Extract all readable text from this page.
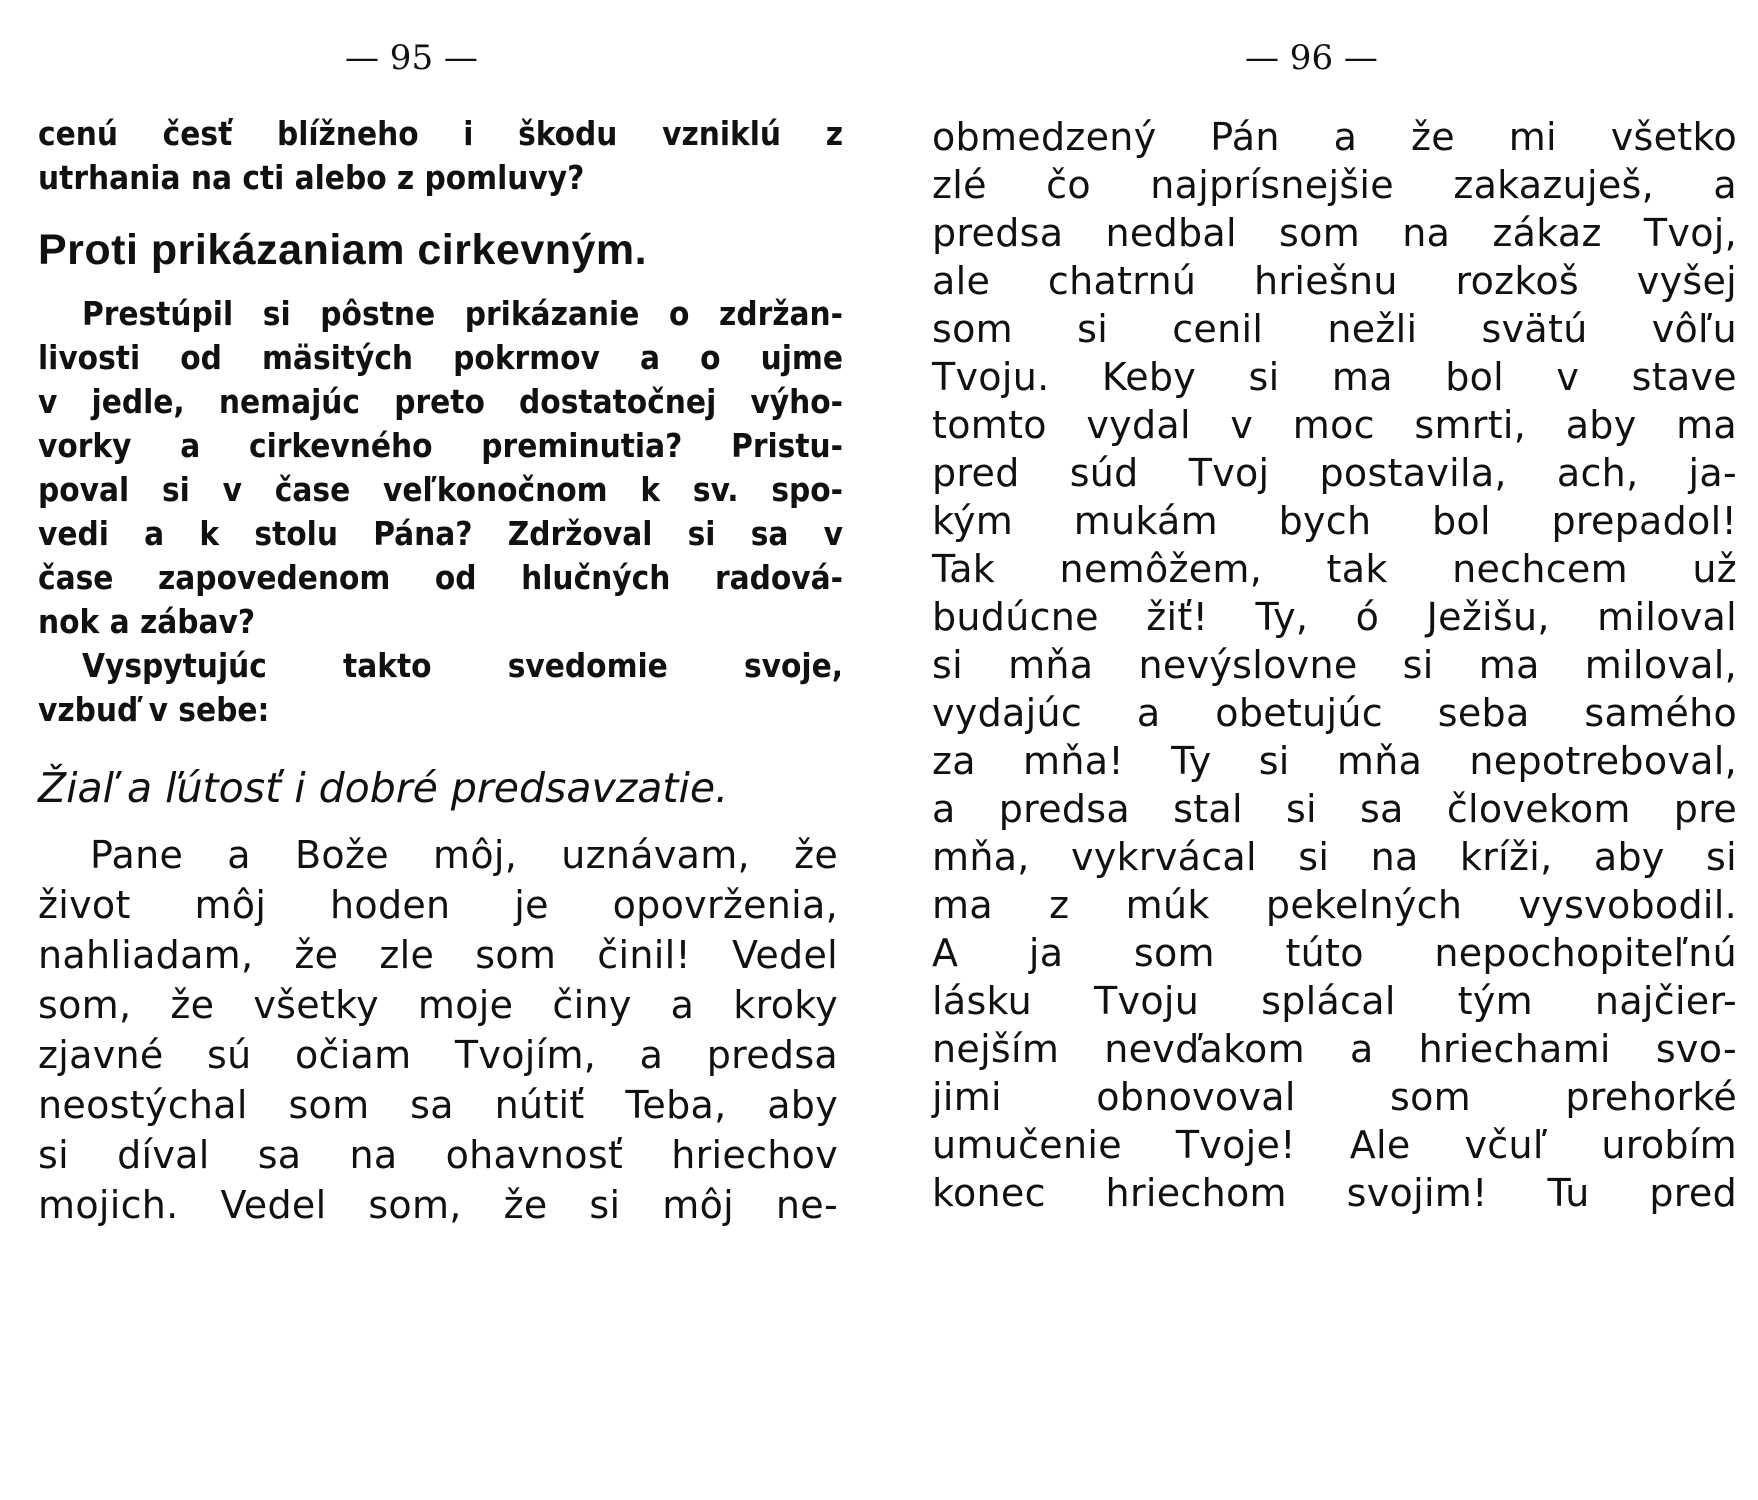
— 95 —
cenú česť blížneho i škodu vzniklú z
utrhania na cti alebo z pomluvy?
Proti prikázaniam cirkevným.
Prestúpil si pôstne prikázanie o zdržan-
livosti od mäsitých pokrmov a o ujme
v jedle, nemajúc preto dostatočnej výho-
vorky a cirkevného preminutia? Pristu-
poval si v čase veľkonočnom k sv. spo-
vedi a k stolu Pána? Zdržoval si sa v
čase zapovedenom od hlučných radová-
nok a zábav?
Vyspytujúc takto svedomie svoje,
vzbuď v sebe:
Žiaľ a ľútosť i dobré predsavzatie.
Pane a Bože môj, uznávam, že
život môj hoden je opovrženia,
nahliadam, že zle som činil! Vedel
som, že všetky moje činy a kroky
zjavné sú očiam Tvojím, a predsa
neostýchal som sa nútiť Teba, aby
si díval sa na ohavnosť hriechov
mojich. Vedel som, že si môj ne-
— 96 —
obmedzený Pán a že mi všetko
zlé čo najprísnejšie zakazuješ, a
predsa nedbal som na zákaz Tvoj,
ale chatrnú hriešnu rozkoš vyšej
som si cenil nežli svätú vôľu
Tvoju. Keby si ma bol v stave
tomto vydal v moc smrti, aby ma
pred súd Tvoj postavila, ach, ja-
kým mukám bych bol prepadol!
Tak nemôžem, tak nechcem už
budúcne žiť! Ty, ó Ježišu, miloval
si mňa nevýslovne si ma miloval,
vydajúc a obetujúc seba samého
za mňa! Ty si mňa nepotreboval,
a predsa stal si sa človekom pre
mňa, vykrvácal si na kríži, aby si
ma z múk pekelných vysvobodil.
A ja som túto nepochopiteľnú
lásku Tvoju splácal tým najčier-
nejším nevďakom a hriechami svo-
jimi obnovoval som prehorké
umučenie Tvoje! Ale včuľ urobím
konec hriechom svojim! Tu pred
